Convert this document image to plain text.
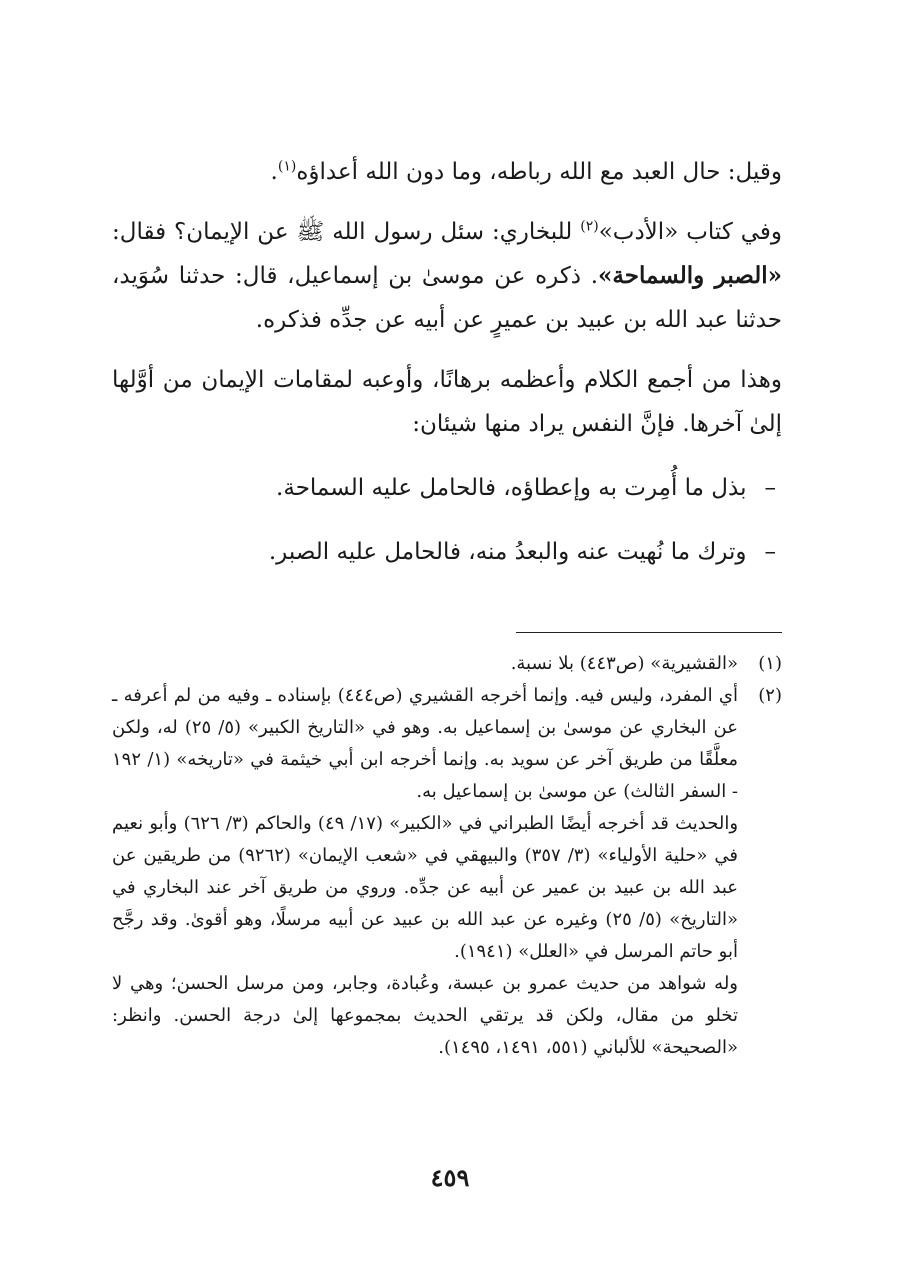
وقيل: حال العبد مع الله رباطه، وما دون الله أعداؤه$^{(١)}$.

وفي كتاب «الأدب»$^{(٢)}$ للبخاري: سئل رسول الله ﷺ عن الإيمان؟ فقال: «الصبر والسماحة». ذكره عن موسىٰ بن إسماعيل، قال: حدثنا سُوَيد، حدثنا عبد الله بن عبيد بن عميرٍ عن أبيه عن جدِّه فذكره.

وهذا من أجمع الكلام وأعظمه برهانًا، وأوعبه لمقامات الإيمان من أوَّلها إلىٰ آخرها. فإنَّ النفس يراد منها شيئان:

–
بذل ما أُمِرت به وإعطاؤه، فالحامل عليه السماحة.
–
وترك ما نُهيت عنه والبعدُ منه، فالحامل عليه الصبر.
(١)

«القشيرية» (ص٤٤٣) بلا نسبة.

(٢)

أي المفرد، وليس فيه. وإنما أخرجه القشيري (ص٤٤٤) بإسناده ـ وفيه من لم أعرفه ـ عن البخاري عن موسىٰ بن إسماعيل به. وهو في «التاريخ الكبير» (٥/ ٢٥) له، ولكن معلَّقًا من طريق آخر عن سويد به. وإنما أخرجه ابن أبي خيثمة في «تاريخه» (١/ ١٩٢ - السفر الثالث) عن موسىٰ بن إسماعيل به.

والحديث قد أخرجه أيضًا الطبراني في «الكبير» (١٧/ ٤٩) والحاكم (٣/ ٦٢٦) وأبو نعيم في «حلية الأولياء» (٣/ ٣٥٧) والبيهقي في «شعب الإيمان» (٩٢٦٢) من طريقين عن عبد الله بن عبيد بن عمير عن أبيه عن جدِّه. وروي من طريق آخر عند البخاري في «التاريخ» (٥/ ٢٥) وغيره عن عبد الله بن عبيد عن أبيه مرسلًا، وهو أقوىٰ. وقد رجَّح أبو حاتم المرسل في «العلل» (١٩٤١).

وله شواهد من حديث عمرو بن عبسة، وعُبادة، وجابر، ومن مرسل الحسن؛ وهي لا تخلو من مقال، ولكن قد يرتقي الحديث بمجموعها إلىٰ درجة الحسن. وانظر: «الصحيحة» للألباني (٥٥١، ١٤٩١، ١٤٩٥).

٤٥٩
